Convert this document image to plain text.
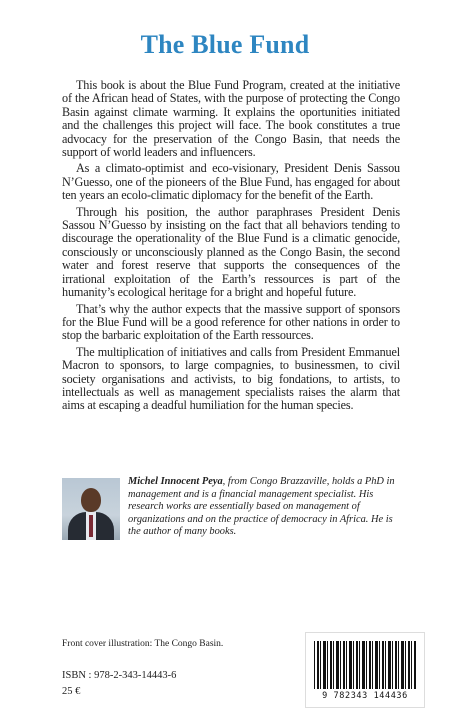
The Blue Fund

This book is about the Blue Fund Program, created at the initiative of the African head of States, with the purpose of protecting the Congo Basin against climate warming. It explains the oportunities initiated and the challenges this project will face. The book constitutes a true advocacy for the preservation of the Congo Basin, that needs the support of world leaders and influencers.

As a climato-optimist and eco-visionary, President Denis Sassou N’Guesso, one of the pioneers of the Blue Fund, has engaged for about ten years an ecolo-climatic diplomacy for the benefit of the Earth.

Through his position, the author paraphrases President Denis Sassou N’Guesso by insisting on the fact that all behaviors tending to discourage the operationality of the Blue Fund is a climatic genocide, consciously or unconsciously planned as the Congo Basin, the second water and forest reserve that supports the consequences of the irrational exploitation of the Earth’s ressources is part of the humanity’s ecological heritage for a bright and hopeful future.

That’s why the author expects that the massive support of sponsors for the Blue Fund will be a good reference for other nations in order to stop the barbaric exploitation of the Earth ressources.

The multiplication of initiatives and calls from President Emmanuel Macron to sponsors, to large compagnies, to businessmen, to civil society organisations and activists, to big fondations, to artists, to intellectuals as well as management specialists raises the alarm that aims at escaping a deadful humiliation for the human species.

Michel Innocent Peya, from Congo Brazzaville, holds a PhD in management and is a financial management specialist. His research works are essentially based on management of organizations and on the practice of democracy in Africa. He is the author of many books.
Front cover illustration: The Congo Basin.
ISBN : 978-2-343-14443-6
25 €	9 782343 144436
